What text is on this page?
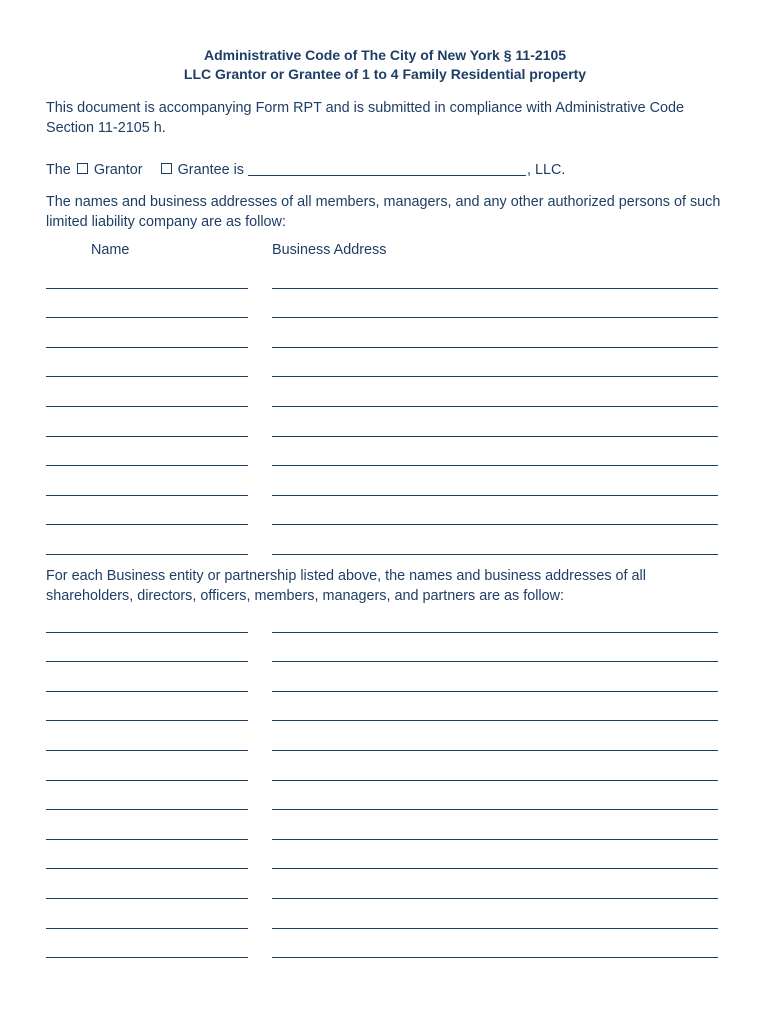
Administrative Code of The City of New York § 11-2105
LLC Grantor or Grantee of 1 to 4 Family Residential property
This document is accompanying Form RPT and is submitted in compliance with Administrative Code Section 11-2105 h.
The Grantor Grantee is	, LLC.
The names and business addresses of all members, managers, and any other authorized persons of such limited liability company are as follow:
Name	Business Address
For each Business entity or partnership listed above, the names and business addresses of all shareholders, directors, officers, members, managers, and partners are as follow:
